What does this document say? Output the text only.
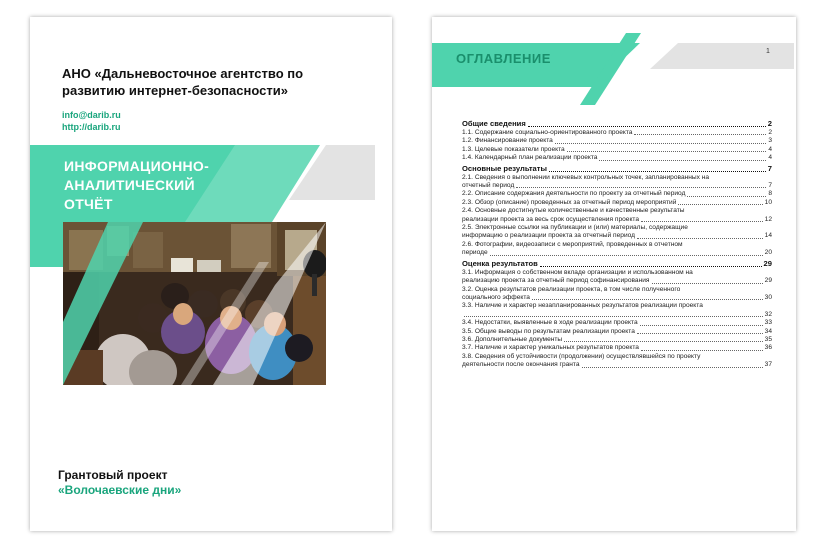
АНО «Дальневосточное агентство по развитию интернет-безопасности»
info@darib.ru
http://darib.ru
ИНФОРМАЦИОННО-
АНАЛИТИЧЕСКИЙ
ОТЧЁТ
Грантовый проект
«Волочаевские дни»
ОГЛАВЛЕНИЕ	1
Общие сведения	2
1.1. Содержание социально-ориентированного проекта	2
1.2. Финансирование проекта	3
1.3. Целевые показатели проекта	4
1.4. Календарный план реализации проекта	4
Основные результаты	7
2.1. Сведения о выполнении ключевых контрольных точек, запланированных на
отчетный период	7
2.2. Описание содержания деятельности по проекту за отчетный период	8
2.3. Обзор (описание) проведенных за отчетный период мероприятий	10
2.4. Основные достигнутые количественные и качественные результаты
реализации проекта за весь срок осуществления проекта	12
2.5. Электронные ссылки на публикации и (или) материалы, содержащие
информацию о реализации проекта за отчетный период	14
2.6. Фотографии, видеозаписи с мероприятий, проведенных в отчетном
периоде	20
Оценка результатов	29
3.1. Информация о собственном вкладе организации и использованном на
реализацию проекта за отчетный период софинансирования	29
3.2. Оценка результатов реализации проекта, в том числе полученного
социального эффекта	30
3.3. Наличие и характер незапланированных результатов реализации проекта
32
3.4. Недостатки, выявленные в ходе реализации проекта	33
3.5. Общие выводы по результатам реализации проекта	34
3.6. Дополнительные документы	35
3.7. Наличие и характер уникальных результатов проекта	36
3.8. Сведения об устойчивости (продолжении) осуществлявшейся по проекту
деятельности после окончания гранта	37
